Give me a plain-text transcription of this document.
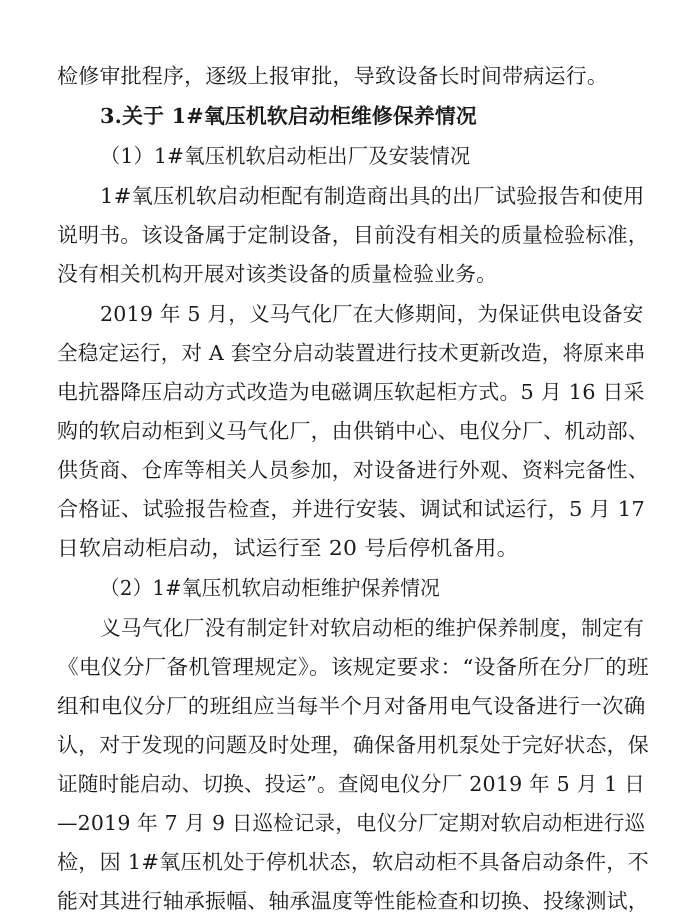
检修审批程序，逐级上报审批，导致设备长时间带病运行。
3.关于 1#氧压机软启动柜维修保养情况
（1）1#氧压机软启动柜出厂及安装情况
1#氧压机软启动柜配有制造商出具的出厂试验报告和使用
说明书。该设备属于定制设备，目前没有相关的质量检验标准，
没有相关机构开展对该类设备的质量检验业务。
2019 年 5 月，义马气化厂在大修期间，为保证供电设备安
全稳定运行，对 A 套空分启动装置进行技术更新改造，将原来串
电抗器降压启动方式改造为电磁调压软起柜方式。5 月 16 日采
购的软启动柜到义马气化厂，由供销中心、电仪分厂、机动部、
供货商、仓库等相关人员参加，对设备进行外观、资料完备性、
合格证、试验报告检查，并进行安装、调试和试运行，5 月 17
日软启动柜启动，试运行至 20 号后停机备用。
（2）1#氧压机软启动柜维护保养情况
义马气化厂没有制定针对软启动柜的维护保养制度，制定有
《电仪分厂备机管理规定》。该规定要求：“设备所在分厂的班
组和电仪分厂的班组应当每半个月对备用电气设备进行一次确
认，对于发现的问题及时处理，确保备用机泵处于完好状态，保
证随时能启动、切换、投运”。查阅电仪分厂 2019 年 5 月 1 日
—2019 年 7 月 9 日巡检记录，电仪分厂定期对软启动柜进行巡
检，因 1#氧压机处于停机状态，软启动柜不具备启动条件，不
能对其进行轴承振幅、轴承温度等性能检查和切换、投缘测试，
